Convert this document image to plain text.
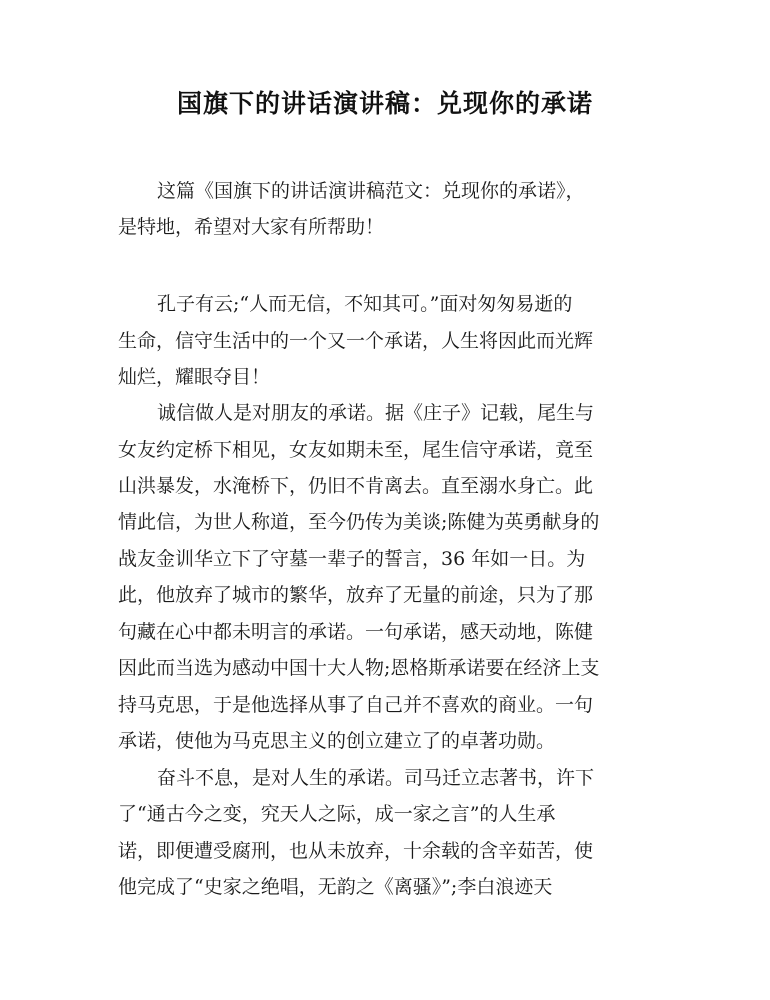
国旗下的讲话演讲稿：兑现你的承诺

这篇《国旗下的讲话演讲稿范文：兑现你的承诺》，

是特地，希望对大家有所帮助！

孔子有云;“人而无信，不知其可。”面对匆匆易逝的

生命，信守生活中的一个又一个承诺，人生将因此而光辉

灿烂，耀眼夺目！

诚信做人是对朋友的承诺。据《庄子》记载，尾生与

女友约定桥下相见，女友如期未至，尾生信守承诺，竟至

山洪暴发，水淹桥下，仍旧不肯离去。直至溺水身亡。此

情此信，为世人称道，至今仍传为美谈;陈健为英勇献身的

战友金训华立下了守墓一辈子的誓言，36 年如一日。为

此，他放弃了城市的繁华，放弃了无量的前途，只为了那

句藏在心中都未明言的承诺。一句承诺，感天动地，陈健

因此而当选为感动中国十大人物;恩格斯承诺要在经济上支

持马克思，于是他选择从事了自己并不喜欢的商业。一句

承诺，使他为马克思主义的创立建立了的卓著功勋。

奋斗不息，是对人生的承诺。司马迁立志著书，许下

了“通古今之变，究天人之际，成一家之言”的人生承

诺，即便遭受腐刑，也从未放弃，十余载的含辛茹苦，使

他完成了“史家之绝唱，无韵之《离骚》”;李白浪迹天
